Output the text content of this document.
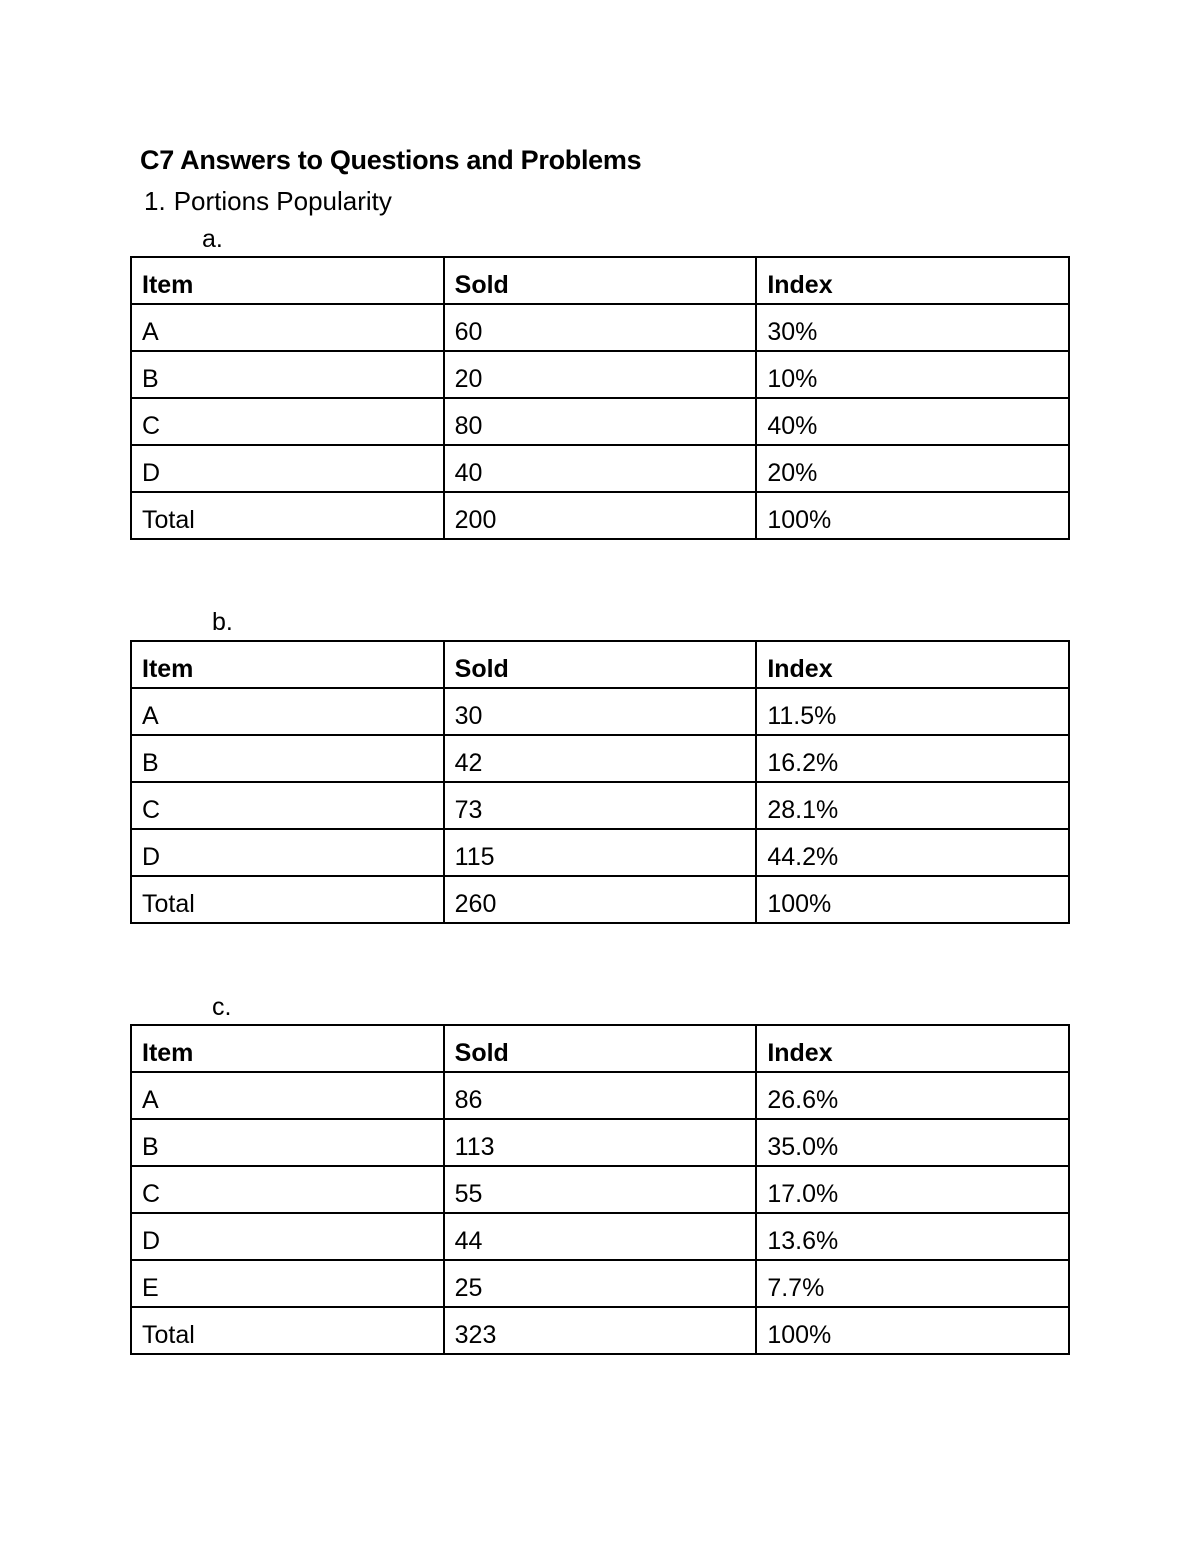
C7 Answers to Questions and Problems
1. Portions Popularity
a.
Item	Sold	Index
A	60	30%
B	20	10%
C	80	40%
D	40	20%
Total	200	100%
b.
Item	Sold	Index
A	30	11.5%
B	42	16.2%
C	73	28.1%
D	115	44.2%
Total	260	100%
c.
Item	Sold	Index
A	86	26.6%
B	113	35.0%
C	55	17.0%
D	44	13.6%
E	25	7.7%
Total	323	100%
